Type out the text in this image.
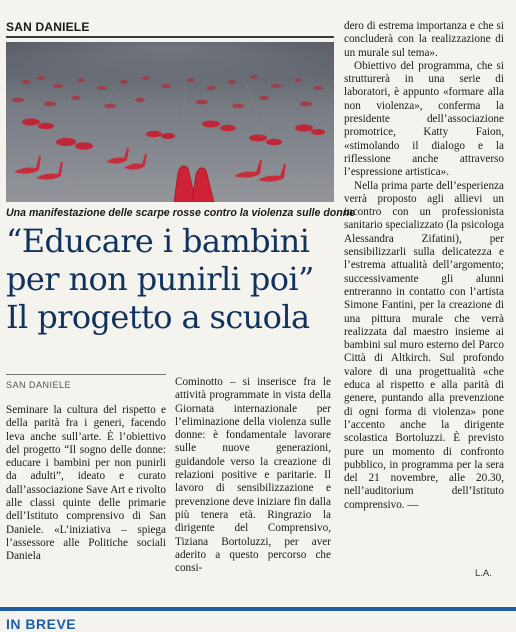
SAN DANIELE
Una manifestazione delle scarpe rosse contro la violenza sulle donne
“Educare i bambini
per non punirli poi”
Il progetto a scuola
SAN DANIELE

Seminare la cultura del rispetto e della parità fra i generi, facendo leva anche sull’arte. È l’obiettivo del progetto “Il sogno delle donne: educare i bambini per non punirli da adulti”, ideato e curato dall’associazione Save Art e rivolto alle classi quinte delle primarie dell’Istituto comprensivo di San Daniele. «L’iniziativa – spiega l’assessore alle Politiche sociali Daniela

Cominotto – si inserisce fra le attività programmate in vista della Giornata internazionale per l’eliminazione della violenza sulle donne: è fondamentale lavorare sulle nuove generazioni, guidandole verso la creazione di relazioni positive e paritarie. Il lavoro di sensibilizzazione e prevenzione deve iniziare fin dalla più tenera età. Ringrazio la dirigente del Comprensivo, Tiziana Bortoluzzi, per aver aderito a questo percorso che consi-

dero di estrema importanza e che si concluderà con la realizzazione di un murale sul tema».

Obiettivo del programma, che si strutturerà in una serie di laboratori, è appunto «formare alla non violenza», conferma la presidente dell’associazione promotrice, Katty Faion, «stimolando il dialogo e la riflessione anche attraverso l’espressione artistica».

Nella prima parte dell’esperienza verrà proposto agli allievi un incontro con un professionista sanitario specializzato (la psicologa Alessandra Zifatini), per sensibilizzarli sulla delicatezza e l’estrema attualità dell’argomento; successivamente gli alunni entreranno in contatto con l’artista Simone Fantini, per la creazione di una pittura murale che verrà realizzata dal maestro insieme ai bambini sul muro esterno del Parco Città di Altkirch. Sul profondo valore di una progettualità «che educa al rispetto e alla parità di genere, puntando alla prevenzione di ogni forma di violenza» pone l’accento anche la dirigente scolastica Bortoluzzi. È previsto pure un momento di confronto pubblico, in programma per la sera del 21 novembre, alle 20.30, nell’auditorium dell’Istituto comprensivo. —

L.A.
IN BREVE
